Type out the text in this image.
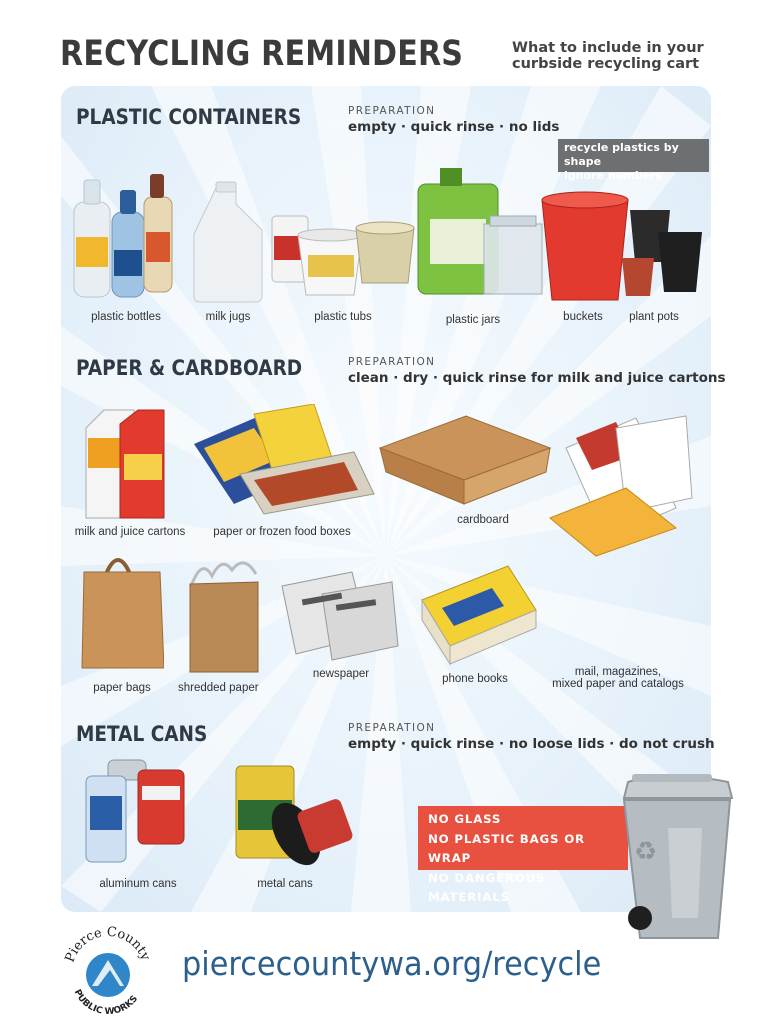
RECYCLING REMINDERS	What to include in your
curbside recycling cart
PLASTIC CONTAINERS	PREPARATION
empty · quick rinse · no lids
recycle plastics by shape
ignore numbers
plastic bottles	milk jugs	plastic tubs	plastic jars	buckets	plant pots
PAPER & CARDBOARD	PREPARATION
clean · dry · quick rinse for milk and juice cartons
milk and juice cartons paper or frozen food boxes
cardboard
paper bags	shredded paper
newspaper	phone books
mail, magazines,
mixed paper and catalogs
METAL CANS	PREPARATION
empty · quick rinse · no loose lids · do not crush
aluminum cans	metal cans
NO GLASS
NO PLASTIC BAGS OR WRAP
NO DANGEROUS MATERIALS
♻
Pierce County
PUBLIC WORKS
piercecountywa.org/recycle
